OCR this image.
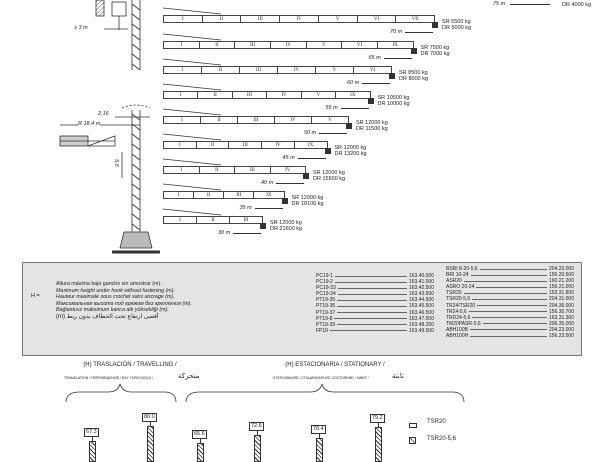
≥ 3 m
2,16
R 18,4 m
5,6
I	II	III	IV	V	VI	VII	SR 5500 kg
DR 5000 kg
70 m
I	II	III	IV	V	VI	IX	SR 7500 kg
DR 7000 kg
65 m
I	II	III	IV	V	VI	SR 8500 kg
DR 8000 kg
60 m
I	II	III	IV	V	IX	SR 10500 kg
DR 10000 kg
55 m
I	II	III	IV	V	SR 12000 kg
DR 11500 kg
50 m
I	II	III	IV	IX	SR 12000 kg
DR 13200 kg
45 m
I	II	III	IV	SR 12000 kg
DR 15500 kg
40 m
I	II	III	IX	SR 12000 kg
DR 18100 kg
35 m
I	II	III	SR 12000 kg
DR 21600 kg
30 m
75 m	DR 4000 kg
H =
Altura máxima bajo gancho sin amostrar (m).
Maximum height under hook without fastening (m).
Hauteur maximale sous crochet sans ancrage (m).
Максимальная высота под крюком без крепления (m).
Bağlantısız maksimum kanca altı yüksekliği (m).
(m) أقصى ارتفاع تحت الخطاف بدون ربط
PC19-1	163.40.000
PC19-2	163.41.000
PC19-33	163.42.500
PC19-34	163.43.500
PT19-35	163.44.500
PT19-36	163.45.500
PT19-37	163.46.500
PT19-8	163.47.000
PT19-39	163.48.200
FP19	163.49.500
BSRI 8-20-5,6	204.20.000
BRI 10-24	156.20.500
ASR20	160.21.200
ASRO 20-24	156.21.000
TSR20	153.31.800
TSR20-5,6	204.31.000
TR24/TSR20	204.36.000
TR24-5,6	156.30.700
TRD24-5,6	163.31.300
TM20PASR-5,6	206.35.000
ABH100B	204.23.000
ABH100H	156.23.500
(H) TRASLACIÓN / TRAVELLING /
TRANSLATION / ПЕРЕМЕЩЕНИЕ / RAY YÜRÜYÜŞLÜ /	متحركة
(H) ESTACIONARIA / STATIONARY /
STATIONNAIRE / СТАЦИОНАРНОЕ СОСТОЯНИЕ / SABİT /	ثابتة
67.3
80.0
65.6
72.6	70.4
79.2
TSR20
TSR20-5,6
